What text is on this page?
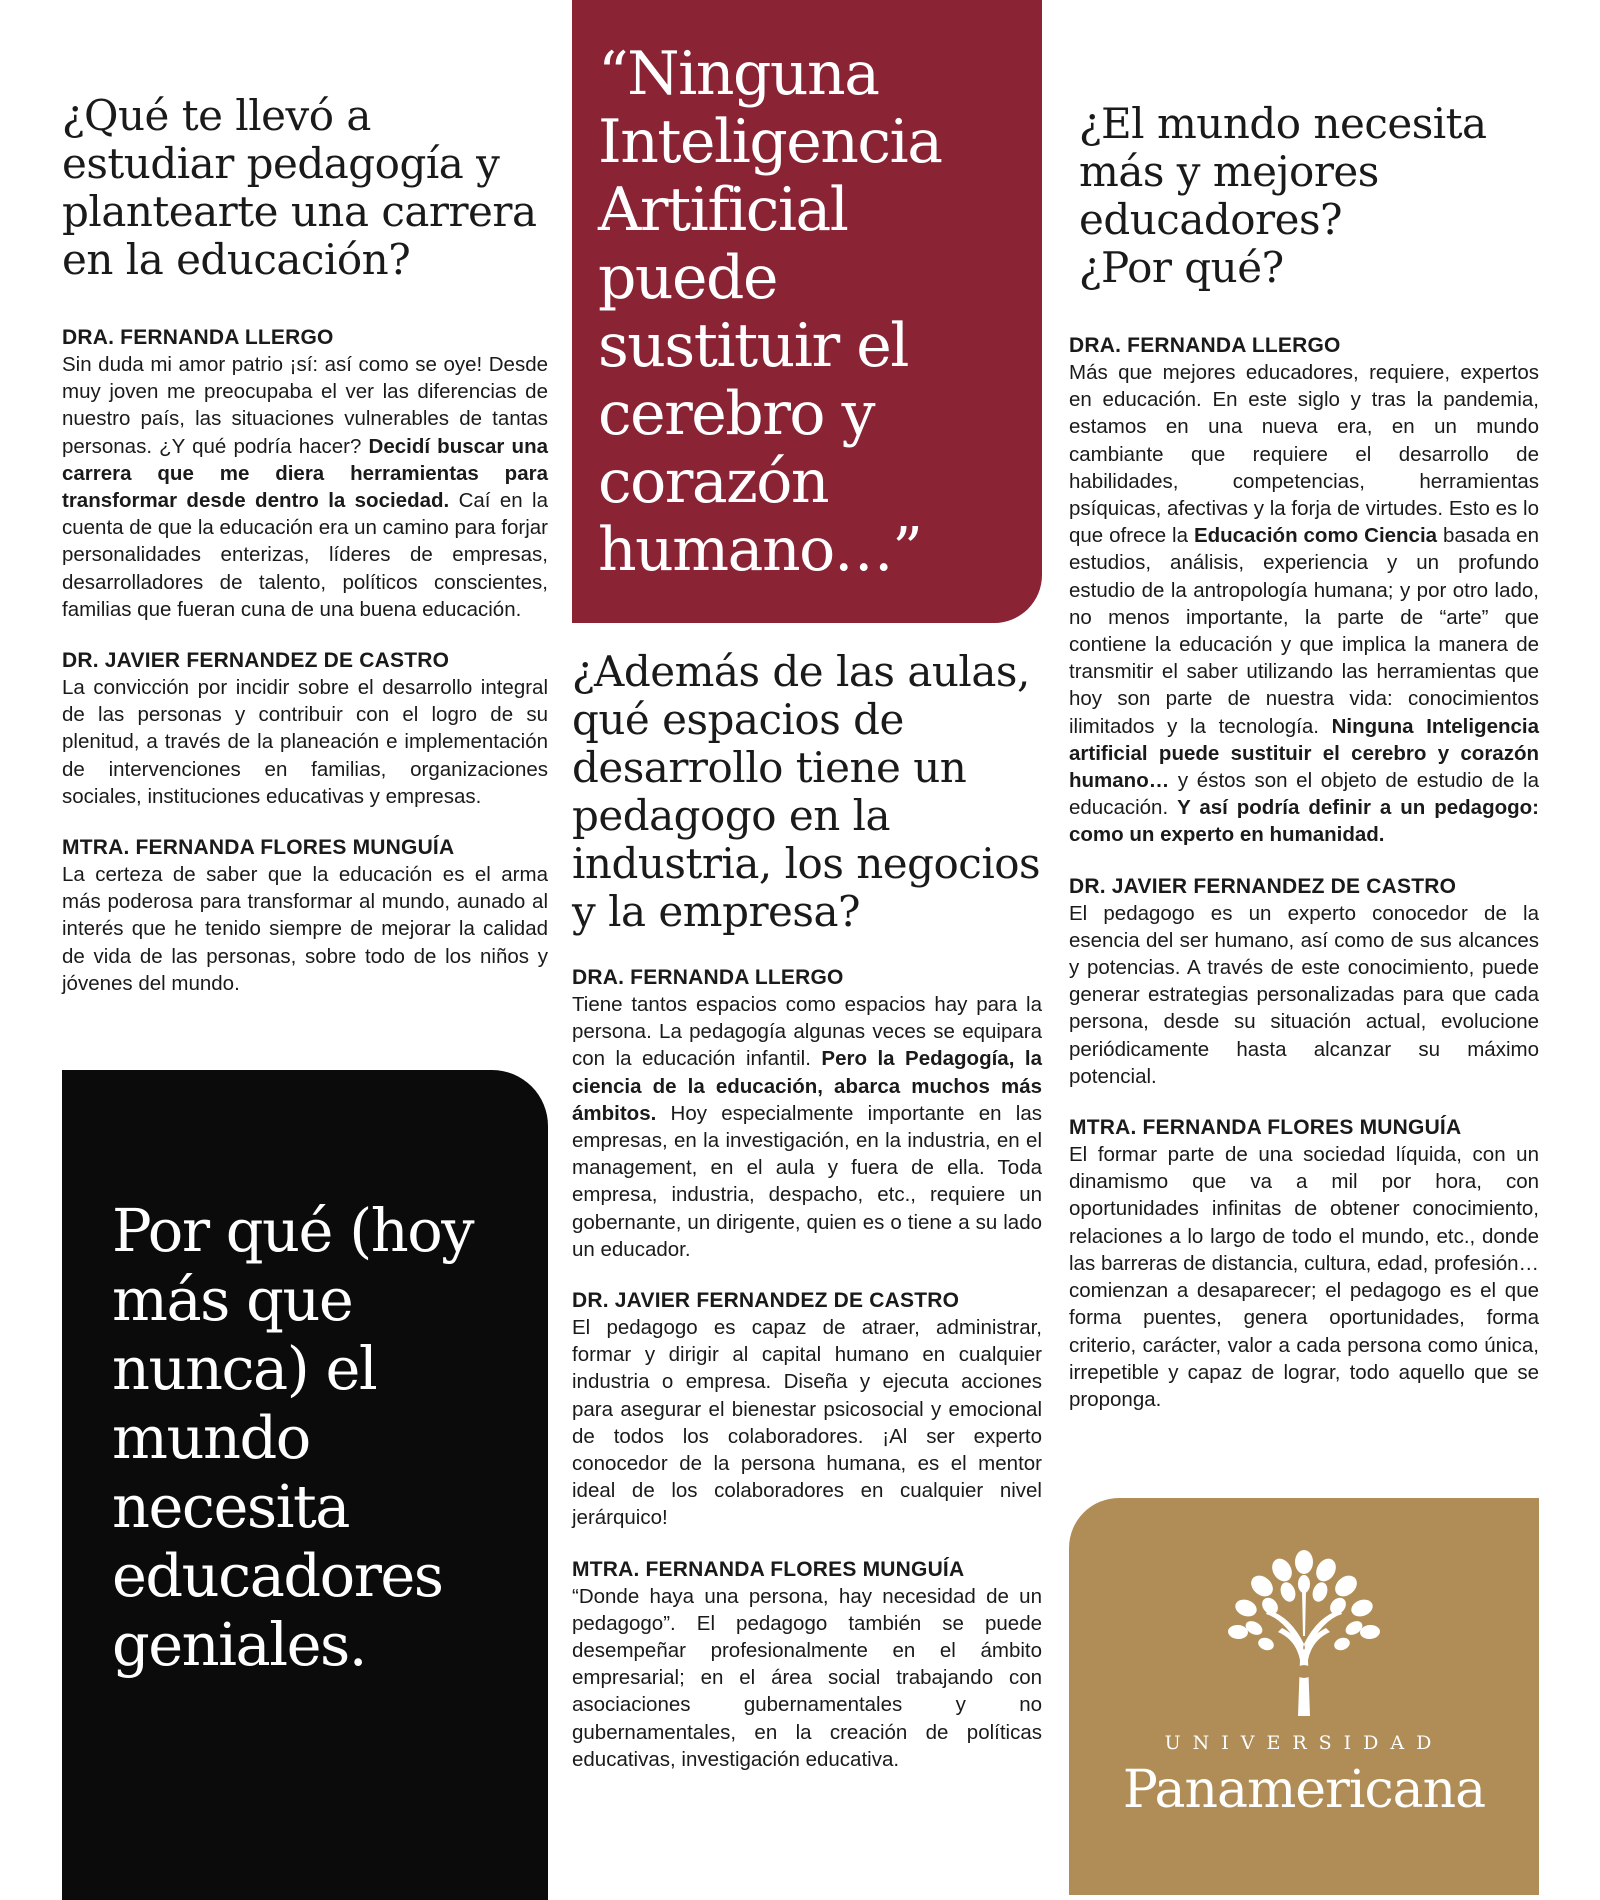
¿Qué te llevó a estudiar pedagogía y plantearte una carrera en la educación?

DRA. FERNANDA LLERGO

Sin duda mi amor patrio ¡sí: así como se oye! Desde muy joven me preocupaba el ver las diferencias de nuestro país, las situaciones vulnerables de tantas personas. ¿Y qué podría hacer? Decidí buscar una carrera que me diera herramientas para transformar desde dentro la sociedad. Caí en la cuenta de que la educación era un camino para forjar personalidades enterizas, líderes de empresas, desarrolladores de talento, políticos conscientes, familias que fueran cuna de una buena educación.

DR. JAVIER FERNANDEZ DE CASTRO

La convicción por incidir sobre el desarrollo integral de las personas y contribuir con el logro de su plenitud, a través de la planeación e implementación de intervenciones en familias, organizaciones sociales, instituciones educativas y empresas.

MTRA. FERNANDA FLORES MUNGUÍA

La certeza de saber que la educación es el arma más poderosa para transformar al mundo, aunado al interés que he tenido siempre de mejorar la calidad de vida de las personas, sobre todo de los niños y jóvenes del mundo.

Por qué (hoy más que nunca) el mundo necesita educadores geniales.

“Ninguna Inteligencia Artificial puede sustituir el cerebro y corazón humano…”

¿Además de las aulas, qué espacios de desarrollo tiene un pedagogo en la industria, los negocios y la empresa?

DRA. FERNANDA LLERGO

Tiene tantos espacios como espacios hay para la persona. La pedagogía algunas veces se equipara con la educación infantil. Pero la Pedagogía, la ciencia de la educación, abarca muchos más ámbitos. Hoy especialmente importante en las empresas, en la investigación, en la industria, en el management, en el aula y fuera de ella. Toda empresa, industria, despacho, etc., requiere un gobernante, un dirigente, quien es o tiene a su lado un educador.

DR. JAVIER FERNANDEZ DE CASTRO

El pedagogo es capaz de atraer, administrar, formar y dirigir al capital humano en cualquier industria o empresa. Diseña y ejecuta acciones para asegurar el bienestar psicosocial y emocional de todos los colaboradores. ¡Al ser experto conocedor de la persona humana, es el mentor ideal de los colaboradores en cualquier nivel jerárquico!

MTRA. FERNANDA FLORES MUNGUÍA

“Donde haya una persona, hay necesidad de un pedagogo”. El pedagogo también se puede desempeñar profesionalmente en el ámbito empresarial; en el área social trabajando con asociaciones gubernamentales y no gubernamentales, en la creación de políticas educativas, investigación educativa.

¿El mundo necesita más y mejores educadores?
¿Por qué?

DRA. FERNANDA LLERGO

Más que mejores educadores, requiere, expertos en educación. En este siglo y tras la pandemia, estamos en una nueva era, en un mundo cambiante que requiere el desarrollo de habilidades, competencias, herramientas psíquicas, afectivas y la forja de virtudes. Esto es lo que ofrece la Educación como Ciencia basada en estudios, análisis, experiencia y un profundo estudio de la antropología humana; y por otro lado, no menos importante, la parte de “arte” que contiene la educación y que implica la manera de transmitir el saber utilizando las herramientas que hoy son parte de nuestra vida: conocimientos ilimitados y la tecnología. Ninguna Inteligencia artificial puede sustituir el cerebro y corazón humano… y éstos son el objeto de estudio de la educación. Y así podría definir a un pedagogo: como un experto en humanidad.

DR. JAVIER FERNANDEZ DE CASTRO

El pedagogo es un experto conocedor de la esencia del ser humano, así como de sus alcances y potencias. A través de este conocimiento, puede generar estrategias personalizadas para que cada persona, desde su situación actual, evolucione periódicamente hasta alcanzar su máximo potencial.

MTRA. FERNANDA FLORES MUNGUÍA

El formar parte de una sociedad líquida, con un dinamismo que va a mil por hora, con oportunidades infinitas de obtener conocimiento, relaciones a lo largo de todo el mundo, etc., donde las barreras de distancia, cultura, edad, profesión… comienzan a desaparecer; el pedagogo es el que forma puentes, genera oportunidades, forma criterio, carácter, valor a cada persona como única, irrepetible y capaz de lograr, todo aquello que se proponga.

UNIVERSIDAD
Panamericana
